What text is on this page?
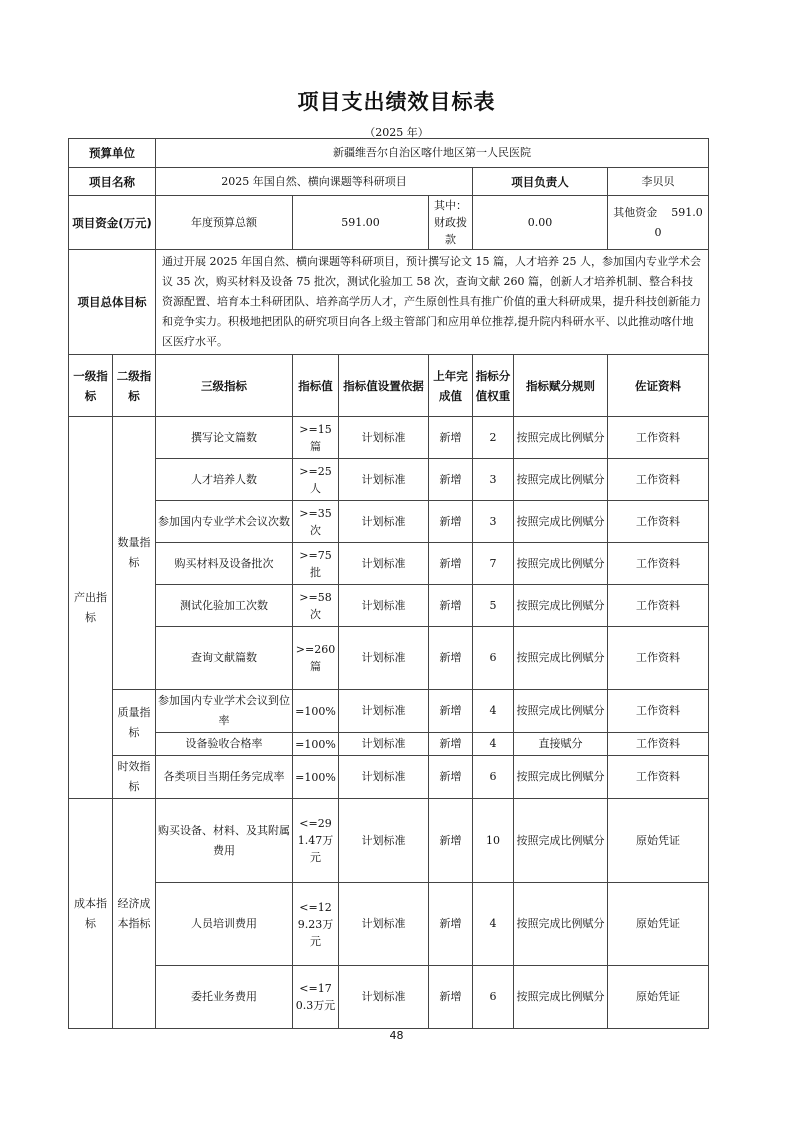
项目支出绩效目标表
（2025 年）
预算单位		新疆维吾尔自治区喀什地区第一人民医院						
项目名称		2025 年国自然、横向课题等科研项目				项目负责人		李贝贝
项目资金(万元)		年度预算总额	591.00		其中：财政拨款	0.00		其他资金 591.00
项目总体目标		通过开展 2025 年国自然、横向课题等科研项目，预计撰写论文 15 篇，人才培养 25 人，参加国内专业学术会议 35 次，购买材料及设备 75 批次，测试化验加工 58 次，查询文献 260 篇，创新人才培养机制、整合科技资源配置、培育本土科研团队、培养高学历人才，产生原创性具有推广价值的重大科研成果，提升科技创新能力和竞争实力。积极地把团队的研究项目向各上级主管部门和应用单位推荐,提升院内科研水平、以此推动喀什地区医疗水平。						
一级指标	二级指标	三级指标	指标值	指标值设置依据	上年完成值	指标分值权重	指标赋分规则	佐证资料
产出指标	数量指标	撰写论文篇数	>=15篇	计划标准	新增	2	按照完成比例赋分	工作资料
		人才培养人数	>=25人	计划标准	新增	3	按照完成比例赋分	工作资料
		参加国内专业学术会议次数	>=35次	计划标准	新增	3	按照完成比例赋分	工作资料
		购买材料及设备批次	>=75批	计划标准	新增	7	按照完成比例赋分	工作资料
		测试化验加工次数	>=58次	计划标准	新增	5	按照完成比例赋分	工作资料
		查询文献篇数	>=260篇	计划标准	新增	6	按照完成比例赋分	工作资料
	质量指标	参加国内专业学术会议到位率	=100%	计划标准	新增	4	按照完成比例赋分	工作资料
		设备验收合格率	=100%	计划标准	新增	4	直接赋分	工作资料
	时效指标	各类项目当期任务完成率	=100%	计划标准	新增	6	按照完成比例赋分	工作资料
成本指标	经济成本指标	购买设备、材料、及其附属费用	<=291.47万元	计划标准	新增	10	按照完成比例赋分	原始凭证
		人员培训费用	<=129.23万元	计划标准	新增	4	按照完成比例赋分	原始凭证
		委托业务费用	<=170.3万元	计划标准	新增	6	按照完成比例赋分	原始凭证
48
